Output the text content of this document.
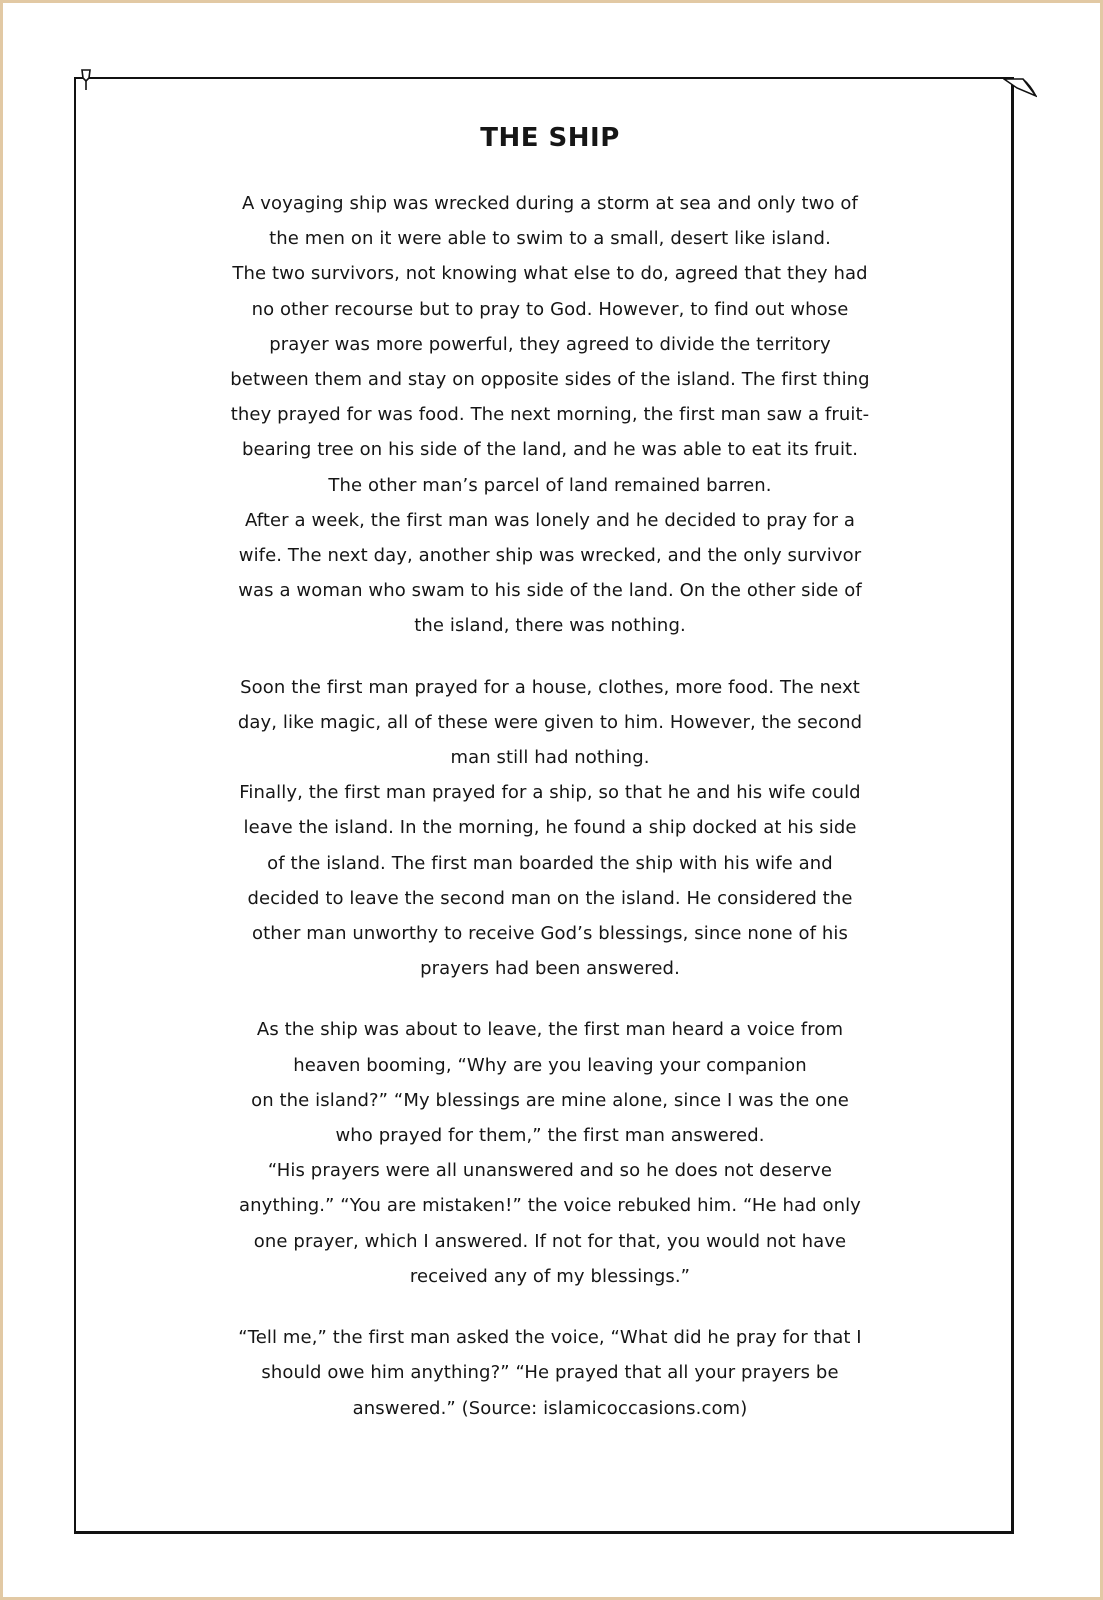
THE SHIP
A voyaging ship was wrecked during a storm at sea and only two of
the men on it were able to swim to a small, desert like island.
The two survivors, not knowing what else to do, agreed that they had
no other recourse but to pray to God. However, to find out whose
prayer was more powerful, they agreed to divide the territory
between them and stay on opposite sides of the island. The first thing
they prayed for was food. The next morning, the first man saw a fruit-
bearing tree on his side of the land, and he was able to eat its fruit.
The other man’s parcel of land remained barren.
After a week, the first man was lonely and he decided to pray for a
wife. The next day, another ship was wrecked, and the only survivor
was a woman who swam to his side of the land. On the other side of
the island, there was nothing.
Soon the first man prayed for a house, clothes, more food. The next
day, like magic, all of these were given to him. However, the second
man still had nothing.
Finally, the first man prayed for a ship, so that he and his wife could
leave the island. In the morning, he found a ship docked at his side
of the island. The first man boarded the ship with his wife and
decided to leave the second man on the island. He considered the
other man unworthy to receive God’s blessings, since none of his
prayers had been answered.
As the ship was about to leave, the first man heard a voice from
heaven booming, “Why are you leaving your companion
on the island?” “My blessings are mine alone, since I was the one
who prayed for them,” the first man answered.
“His prayers were all unanswered and so he does not deserve
anything.” “You are mistaken!” the voice rebuked him. “He had only
one prayer, which I answered. If not for that, you would not have
received any of my blessings.”
“Tell me,” the first man asked the voice, “What did he pray for that I
should owe him anything?” “He prayed that all your prayers be
answered.” (Source: islamicoccasions.com)
